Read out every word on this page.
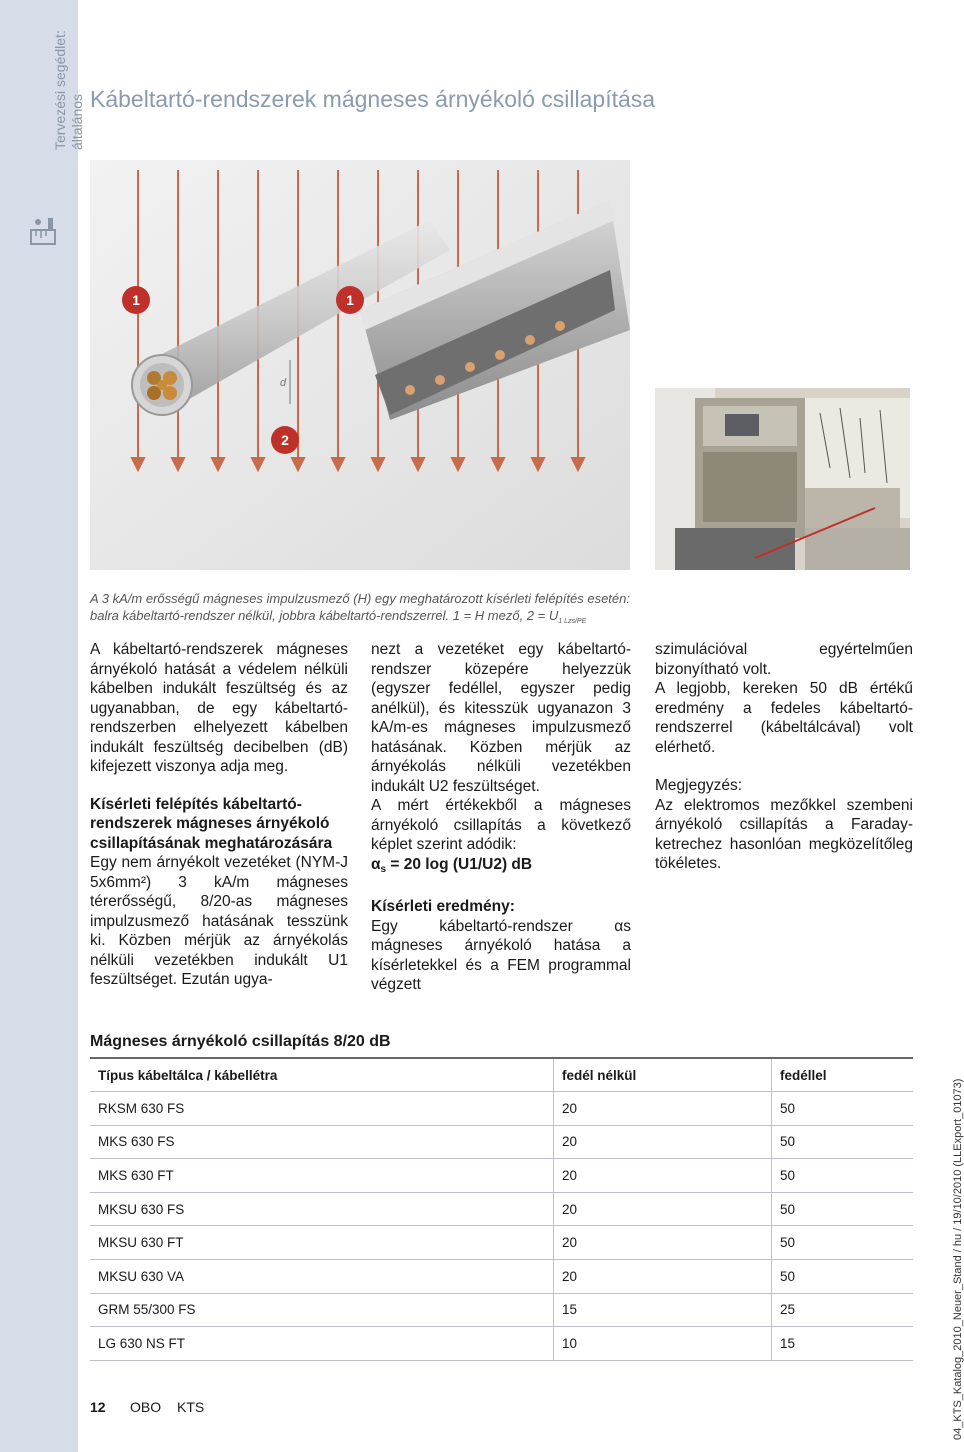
Tervezési segédlet: általános Kábeltartó-rendszerek mágneses árnyékoló csillapítása
d
1	1
2
A 3 kA/m erősségű mágneses impulzusmező (H) egy meghatározott kísérleti felépítés esetén: balra kábeltartó-rendszer nélkül, jobbra kábeltartó-rendszerrel. 1 = H mező, $2 = U_{1 Lzs/PE}$

A kábeltartó-rendszerek mágneses árnyékoló hatását a védelem nélküli kábelben indukált feszültség és az ugyanabban, de egy kábeltartó-rendszerben elhelyezett kábelben indukált feszültség decibelben (dB) kifejezett viszonya adja meg.

Kísérleti felépítés kábeltartó-rendszerek mágneses árnyékoló csillapításának meghatározására

Egy nem árnyékolt vezetéket (NYM-J 5x6mm²) 3 kA/m mágneses térerősségű, 8/20-as mágneses impulzusmező hatásának tesszünk ki. Közben mérjük az árnyékolás nélküli vezetékben indukált U1 feszültséget. Ezután ugya-

nezt a vezetéket egy kábeltartó-rendszer közepére helyezzük (egyszer fedéllel, egyszer pedig anélkül), és kitesszük ugyanazon 3 kA/m-es mágneses impulzusmező hatásának. Közben mérjük az árnyékolás nélküli vezetékben indukált U2 feszültséget.

A mért értékekből a mágneses árnyékoló csillapítás a következő képlet szerint adódik:

$\alpha_s = 20$ log (U1/U2) dB

Kísérleti eredmény:

Egy kábeltartó-rendszer αs mágneses árnyékoló hatása a kísérletekkel és a FEM programmal végzett

szimulációval egyértelműen bizonyítható volt.

A legjobb, kereken 50 dB értékű eredmény a fedeles kábeltartó-rendszerrel (kábeltálcával) volt elérhető.

Megjegyzés:

Az elektromos mezőkkel szembeni árnyékoló csillapítás a Faraday-ketrechez hasonlóan megközelítőleg tökéletes.

Mágneses árnyékoló csillapítás 8/20 dB
Típus kábeltálca / kábellétra	fedél nélkül	fedéllel
RKSM 630 FS	20	50
MKS 630 FS	20	50
MKS 630 FT	20	50
MKSU 630 FS	20	50
MKSU 630 FT	20	50
MKSU 630 VA	20	50
GRM 55/300 FS	15	25
LG 630 NS FT	10	15
12 OBO KTS	04_KTS_Katalog_2010_Neuer_Stand / hu / 19/10/2010 (LLExport_01073)
